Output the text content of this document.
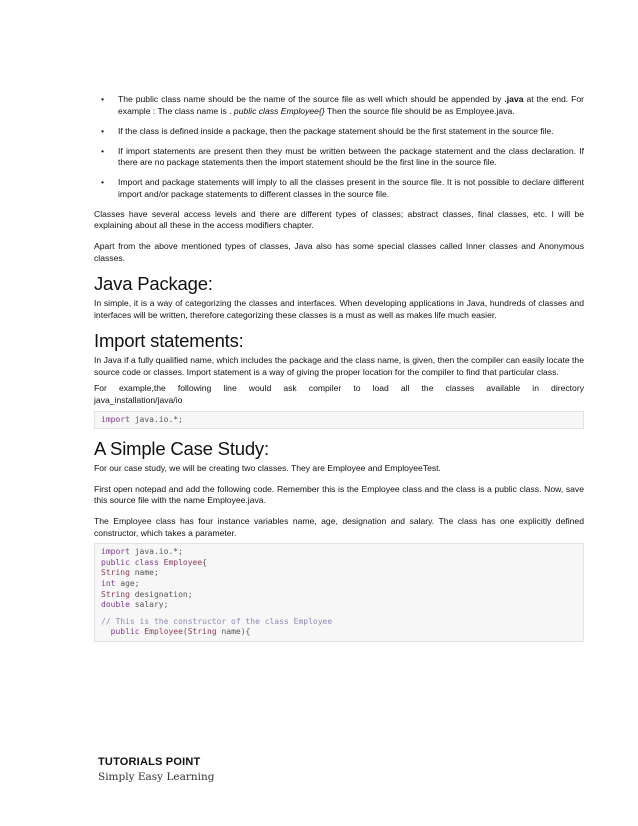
• The public class name should be the name of the source file as well which should be appended by .java at the end. For example : The class name is . public class Employee{} Then the source file should be as Employee.java.
• If the class is defined inside a package, then the package statement should be the first statement in the source file.
• If import statements are present then they must be written between the package statement and the class declaration. If there are no package statements then the import statement should be the first line in the source file.
• Import and package statements will imply to all the classes present in the source file. It is not possible to declare different import and/or package statements to different classes in the source file.

Classes have several access levels and there are different types of classes; abstract classes, final classes, etc. I will be explaining about all these in the access modifiers chapter.

Apart from the above mentioned types of classes, Java also has some special classes called Inner classes and Anonymous classes.

Java Package:

In simple, it is a way of categorizing the classes and interfaces. When developing applications in Java, hundreds of classes and interfaces will be written, therefore categorizing these classes is a must as well as makes life much easier.

Import statements:

In Java if a fully qualified name, which includes the package and the class name, is given, then the compiler can easily locate the source code or classes. Import statement is a way of giving the proper location for the compiler to find that particular class.

For example,the following line would ask compiler to load all the classes available in directory

java_installation/java/io

import java.io.*;
A Simple Case Study:

For our case study, we will be creating two classes. They are Employee and EmployeeTest.

First open notepad and add the following code. Remember this is the Employee class and the class is a public class. Now, save this source file with the name Employee.java.

The Employee class has four instance variables name, age, designation and salary. The class has one explicitly defined constructor, which takes a parameter.

import java.io.*;
public class Employee{
String name;
int age;
String designation;
double salary;
// This is the constructor of the class Employee
public Employee(String name){
TUTORIALS POINT
Simply Easy Learning
